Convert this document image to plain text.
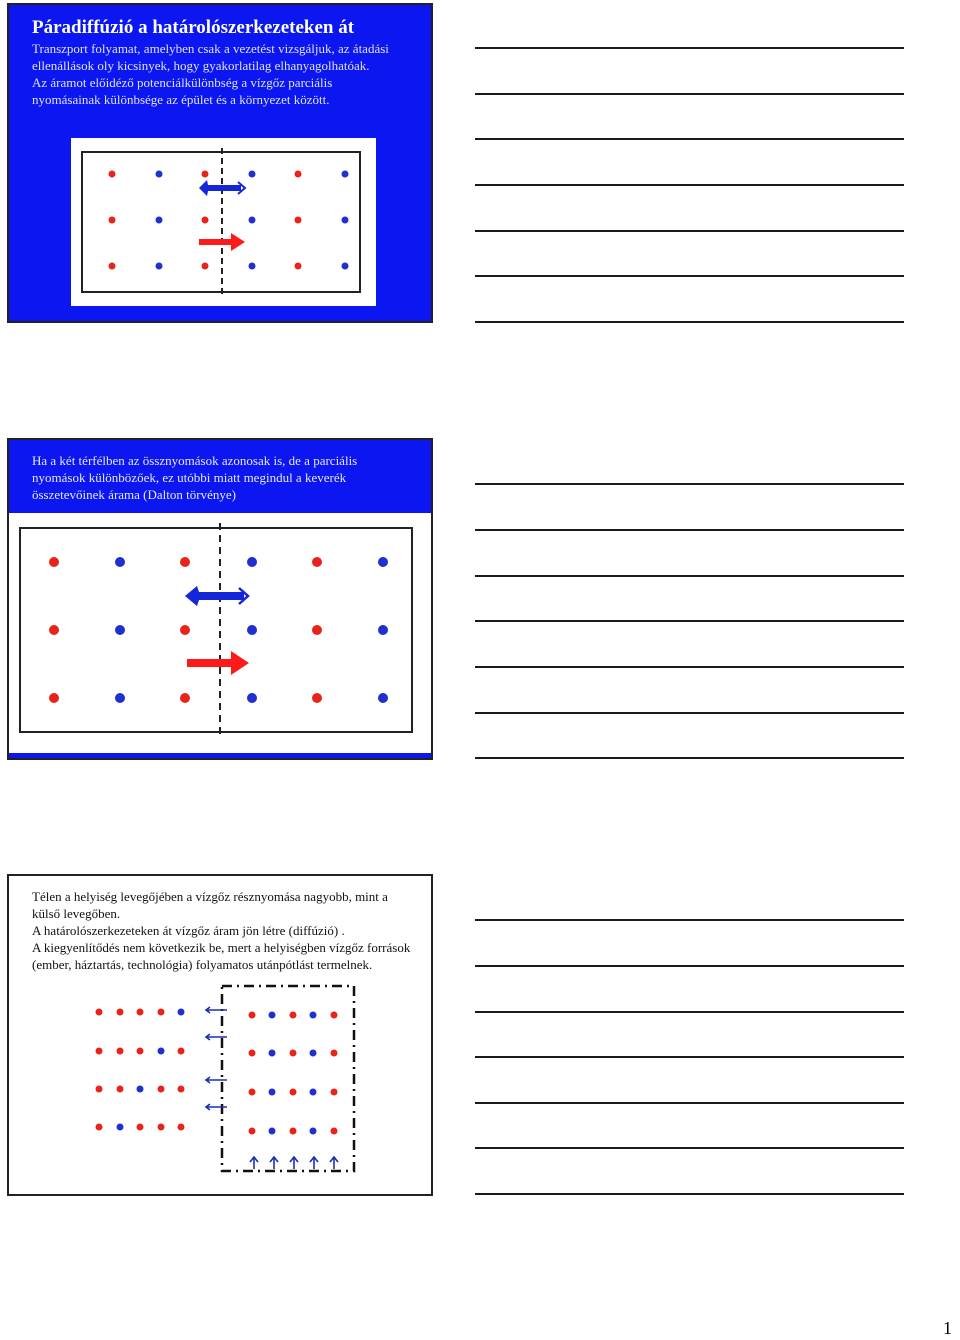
Páradiffúzió a határolószerkezeteken át
Transzport folyamat, amelyben csak a vezetést vizsgáljuk, az átadási ellenállások oly kicsinyek, hogy gyakorlatilag elhanyagolhatóak.
Az áramot előidéző potenciálkülönbség a vízgőz parciális nyomásainak különbsége az épület és a környezet között.
Ha a két térfélben az össznyomások azonosak is, de a parciális nyomások különbözőek, ez utóbbi miatt megindul a keverék összetevőinek árama (Dalton törvénye)
Télen a helyiség levegőjében a vízgőz résznyomása nagyobb, mint a külső levegőben.
A határolószerkezeteken át vízgőz áram jön létre (diffúzió) .
A kiegyenlítődés nem következik be, mert a helyiségben vízgőz források (ember, háztartás, technológia) folyamatos utánpótlást termelnek.
1
